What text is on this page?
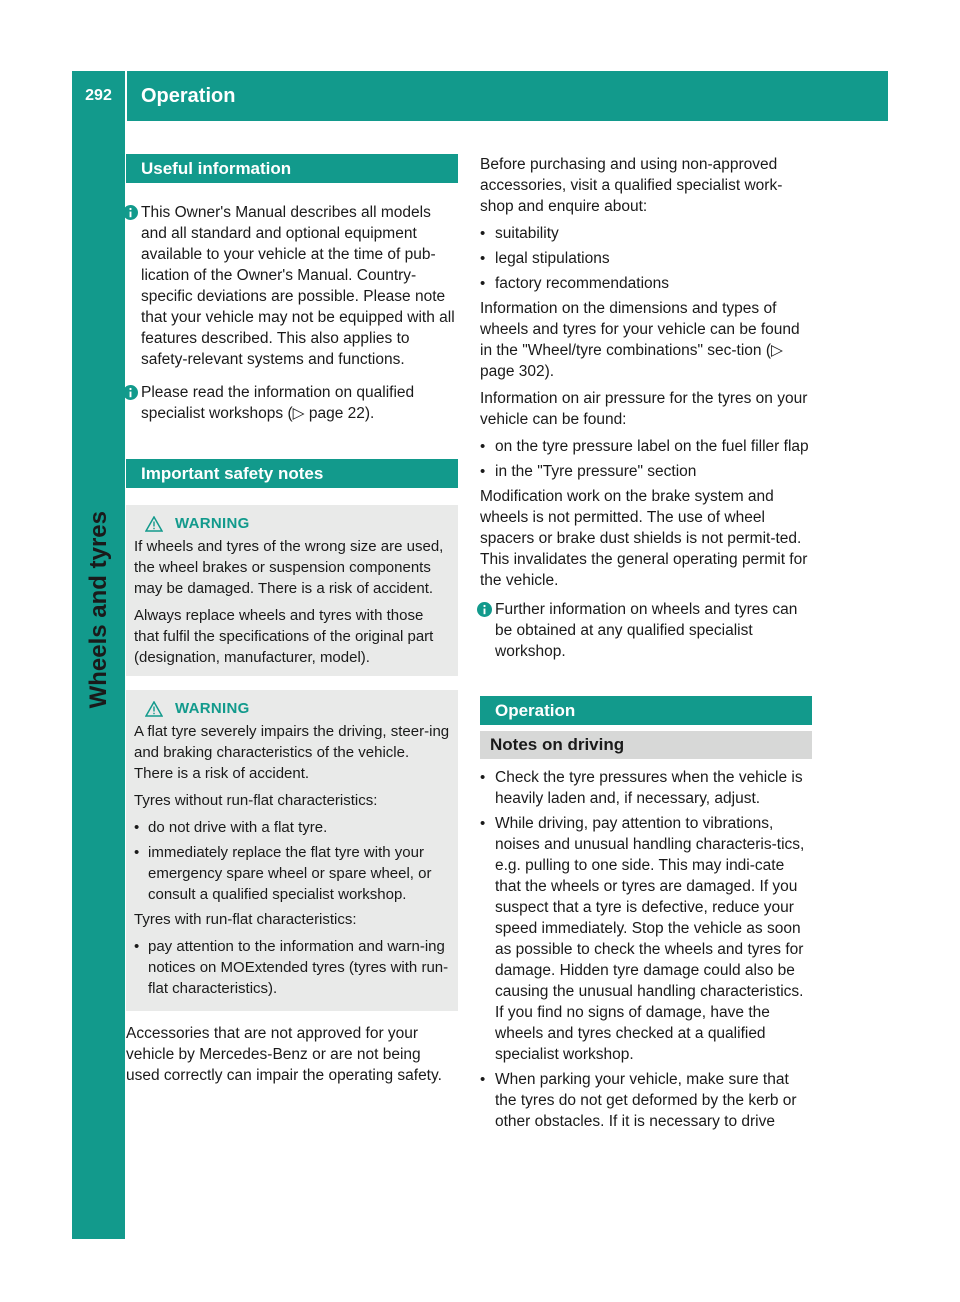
292	Operation
Wheels and tyres
Useful information

This Owner's Manual describes all models and all standard and optional equipment available to your vehicle at the time of pub-lication of the Owner's Manual. Country-specific deviations are possible. Please note that your vehicle may not be equipped with all features described. This also applies to safety-relevant systems and functions.

Please read the information on qualified specialist workshops (▷ page 22).

Important safety notes
WARNING

If wheels and tyres of the wrong size are used, the wheel brakes or suspension components may be damaged. There is a risk of accident.

Always replace wheels and tyres with those that fulfil the specifications of the original part (designation, manufacturer, model).

WARNING

A flat tyre severely impairs the driving, steer-ing and braking characteristics of the vehicle. There is a risk of accident.

Tyres without run-flat characteristics:

• do not drive with a flat tyre.
• immediately replace the flat tyre with your emergency spare wheel or spare wheel, or consult a qualified specialist workshop.

Tyres with run-flat characteristics:

• pay attention to the information and warn-ing notices on MOExtended tyres (tyres with run-flat characteristics).

Accessories that are not approved for your vehicle by Mercedes-Benz or are not being used correctly can impair the operating safety.

Before purchasing and using non-approved accessories, visit a qualified specialist work-shop and enquire about:

• suitability
• legal stipulations
• factory recommendations

Information on the dimensions and types of wheels and tyres for your vehicle can be found in the "Wheel/tyre combinations" sec-tion (▷ page 302).

Information on air pressure for the tyres on your vehicle can be found:

• on the tyre pressure label on the fuel filler flap
• in the "Tyre pressure" section

Modification work on the brake system and wheels is not permitted. The use of wheel spacers or brake dust shields is not permit-ted. This invalidates the general operating permit for the vehicle.

Further information on wheels and tyres can be obtained at any qualified specialist workshop.

Operation
Notes on driving
• Check the tyre pressures when the vehicle is heavily laden and, if necessary, adjust.
• While driving, pay attention to vibrations, noises and unusual handling characteris-tics, e.g. pulling to one side. This may indi-cate that the wheels or tyres are damaged. If you suspect that a tyre is defective, reduce your speed immediately. Stop the vehicle as soon as possible to check the wheels and tyres for damage. Hidden tyre damage could also be causing the unusual handling characteristics. If you find no signs of damage, have the wheels and tyres checked at a qualified specialist workshop.
• When parking your vehicle, make sure that the tyres do not get deformed by the kerb or other obstacles. If it is necessary to drive
